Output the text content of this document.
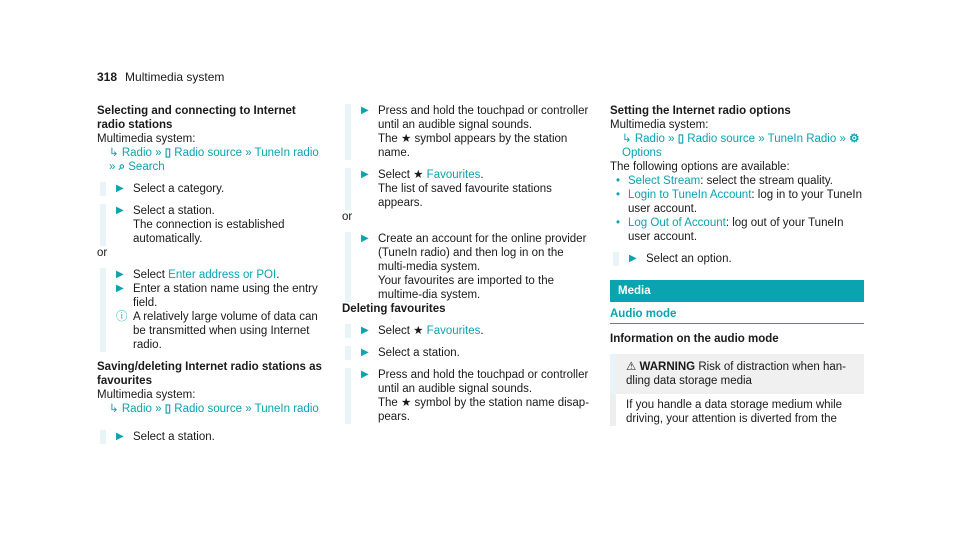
318 Multimedia system

Selecting and connecting to Internet radio stations

Multimedia system:

↳ Radio » ▯ Radio source » TuneIn radio » ⌕ Search

▶ Select a category.

▶ Select a station.
The connection is established automatically.

or

▶ Select Enter address or POI.

▶ Enter a station name using the entry field.

ⓘ A relatively large volume of data can be transmitted when using Internet radio.

Saving/deleting Internet radio stations as favourites

Multimedia system:

↳ Radio » ▯ Radio source » TuneIn radio

▶ Select a station.

▶ Press and hold the touchpad or controller until an audible signal sounds.
The ★ symbol appears by the station name.

▶ Select ★ Favourites.
The list of saved favourite stations appears.

or

▶ Create an account for the online provider (TuneIn radio) and then log in on the multi-media system.
Your favourites are imported to the multime-dia system.

Deleting favourites

▶ Select ★ Favourites.

▶ Select a station.

▶ Press and hold the touchpad or controller until an audible signal sounds.
The ★ symbol by the station name disap-pears.

Setting the Internet radio options

Multimedia system:

↳ Radio » ▯ Radio source » TuneIn Radio » ⚙ Options

The following options are available:

• Select Stream: select the stream quality.

• Login to TuneIn Account: log in to your TuneIn user account.

• Log Out of Account: log out of your TuneIn user account.

▶ Select an option.

Media
Audio mode

Information on the audio mode

⚠ WARNING Risk of distraction when han-dling data storage media
If you handle a data storage medium while driving, your attention is diverted from the
